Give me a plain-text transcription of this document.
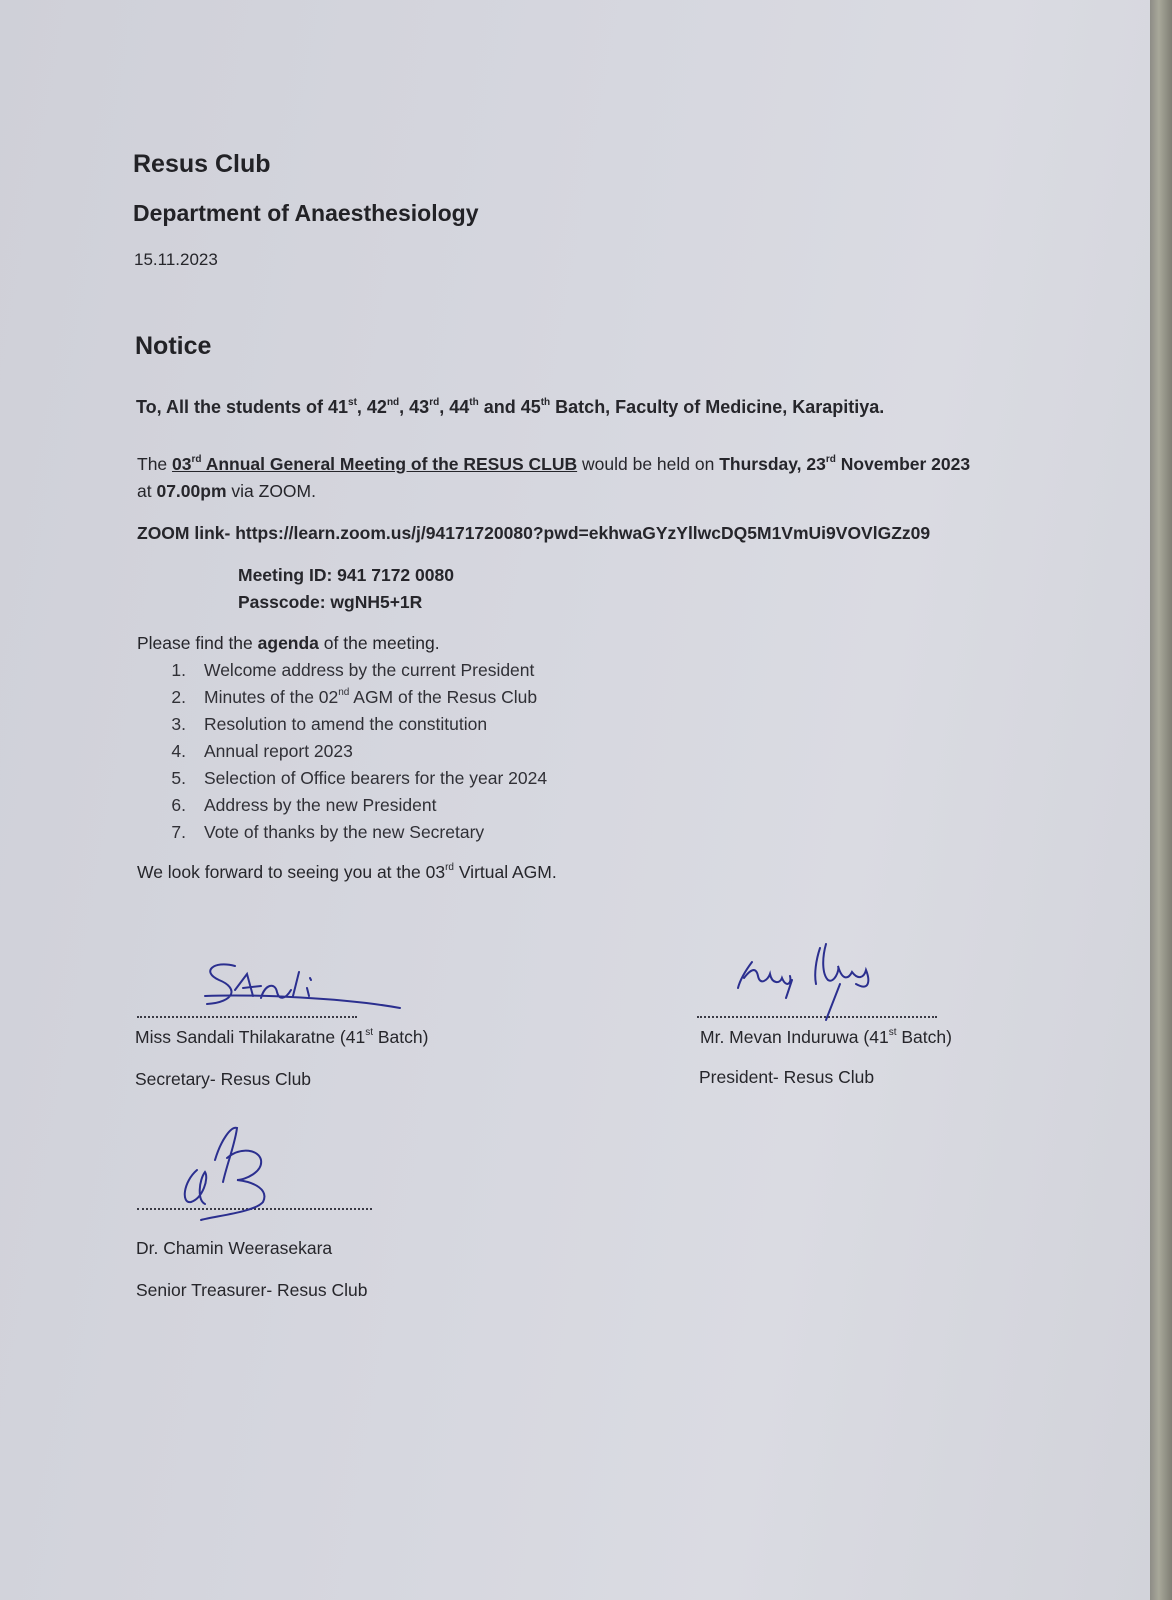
Resus Club
Department of Anaesthesiology
15.11.2023
Notice
To, All the students of 41st, 42nd, 43rd, 44th and 45th Batch, Faculty of Medicine, Karapitiya.
The 03rd Annual General Meeting of the RESUS CLUB would be held on Thursday, 23rd November 2023
at 07.00pm via ZOOM.
ZOOM link- https://learn.zoom.us/j/94171720080?pwd=ekhwaGYzYllwcDQ5M1VmUi9VOVlGZz09
Meeting ID: 941 7172 0080
Passcode: wgNH5+1R
Please find the agenda of the meeting.
1. Welcome address by the current President
2. Minutes of the 02nd AGM of the Resus Club
3. Resolution to amend the constitution
4. Annual report 2023
5. Selection of Office bearers for the year 2024
6. Address by the new President
7. Vote of thanks by the new Secretary
We look forward to seeing you at the 03rd Virtual AGM.
Miss Sandali Thilakaratne (41st Batch)
Secretary- Resus Club
Mr. Mevan Induruwa (41st Batch)
President- Resus Club
Dr. Chamin Weerasekara
Senior Treasurer- Resus Club
